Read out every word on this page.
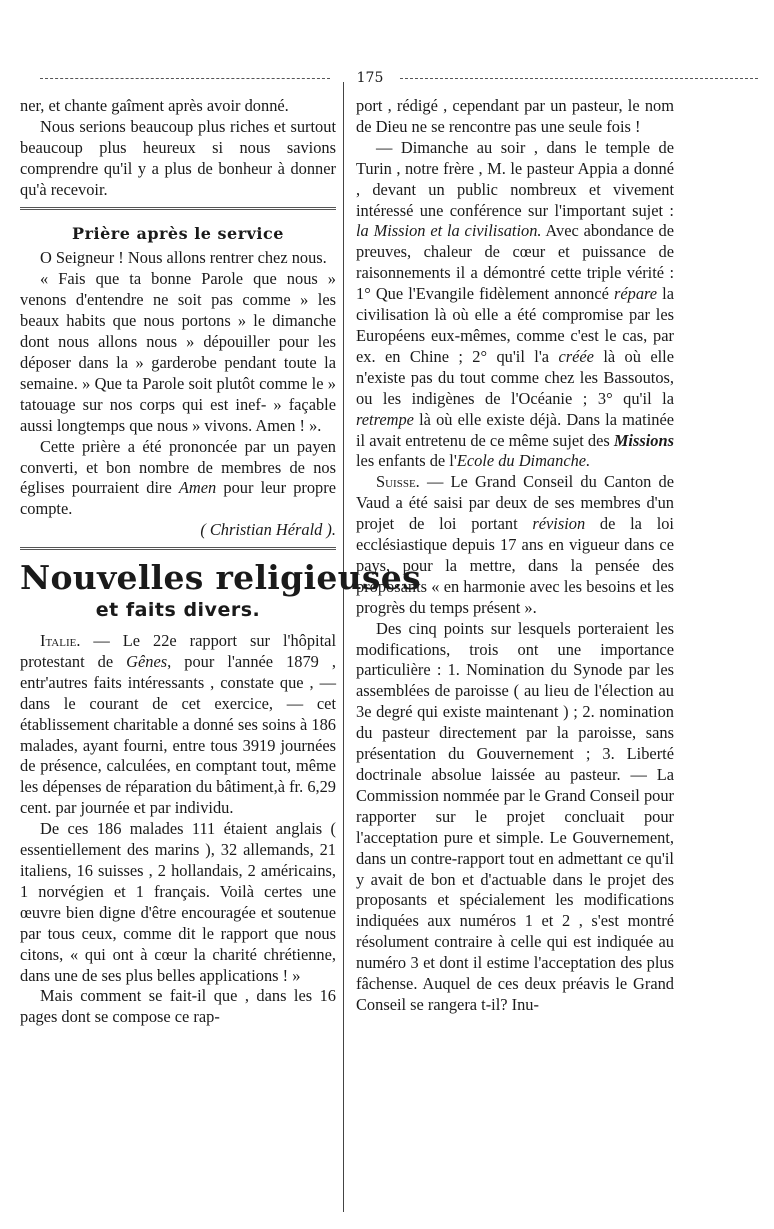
175

ner, et chante gaîment après avoir donné.

Nous serions beaucoup plus riches et surtout beaucoup plus heureux si nous savions comprendre qu'il y a plus de bonheur à donner qu'à recevoir.

Prière après le service

O Seigneur ! Nous allons rentrer chez nous.

« Fais que ta bonne Parole que nous » venons d'entendre ne soit pas comme » les beaux habits que nous portons » le dimanche dont nous allons nous » dépouiller pour les déposer dans la » garderobe pendant toute la semaine. » Que ta Parole soit plutôt comme le » tatouage sur nos corps qui est inef- » façable aussi longtemps que nous » vivons. Amen ! ».

Cette prière a été prononcée par un payen converti, et bon nombre de membres de nos églises pourraient dire Amen pour leur propre compte.

( Christian Hérald ).
Nouvelles religieuses
et faits divers.

Italie. — Le 22e rapport sur l'hôpital protestant de Gênes, pour l'année 1879 , entr'autres faits intéressants , constate que , — dans le courant de cet exercice, — cet établissement charitable a donné ses soins à 186 malades, ayant fourni, entre tous 3919 journées de présence, calculées, en comptant tout, même les dépenses de réparation du bâtiment,à fr. 6,29 cent. par journée et par individu.

De ces 186 malades 111 étaient anglais ( essentiellement des marins ), 32 allemands, 21 italiens, 16 suisses , 2 hollandais, 2 américains, 1 norvégien et 1 français. Voilà certes une œuvre bien digne d'être encouragée et soutenue par tous ceux, comme dit le rapport que nous citons, « qui ont à cœur la charité chrétienne, dans une de ses plus belles applications ! »

Mais comment se fait-il que , dans les 16 pages dont se compose ce rap-

port , rédigé , cependant par un pasteur, le nom de Dieu ne se rencontre pas une seule fois !

— Dimanche au soir , dans le temple de Turin , notre frère , M. le pasteur Appia a donné , devant un public nombreux et vivement intéressé une conférence sur l'important sujet : la Mission et la civilisation. Avec abondance de preuves, chaleur de cœur et puissance de raisonnements il a démontré cette triple vérité : 1° Que l'Evangile fidèlement annoncé répare la civilisation là où elle a été compromise par les Européens eux-mêmes, comme c'est le cas, par ex. en Chine ; 2° qu'il l'a créée là où elle n'existe pas du tout comme chez les Bassoutos, ou les indigènes de l'Océanie ; 3° qu'il la retrempe là où elle existe déjà. Dans la matinée il avait entretenu de ce même sujet des Missions les enfants de l'Ecole du Dimanche.

Suisse. — Le Grand Conseil du Canton de Vaud a été saisi par deux de ses membres d'un projet de loi portant révision de la loi ecclésiastique depuis 17 ans en vigueur dans ce pays, pour la mettre, dans la pensée des proposants « en harmonie avec les besoins et les progrès du temps présent ».

Des cinq points sur lesquels porteraient les modifications, trois ont une importance particulière : 1. Nomination du Synode par les assemblées de paroisse ( au lieu de l'élection au 3e degré qui existe maintenant ) ; 2. nomination du pasteur directement par la paroisse, sans présentation du Gouvernement ; 3. Liberté doctrinale absolue laissée au pasteur. — La Commission nommée par le Grand Conseil pour rapporter sur le projet concluait pour l'acceptation pure et simple. Le Gouvernement, dans un contre-rapport tout en admettant ce qu'il y avait de bon et d'actuable dans le projet des proposants et spécialement les modifications indiquées aux numéros 1 et 2 , s'est montré résolument contraire à celle qui est indiquée au numéro 3 et dont il estime l'acceptation des plus fâchense. Auquel de ces deux préavis le Grand Conseil se rangera t-il? Inu-
